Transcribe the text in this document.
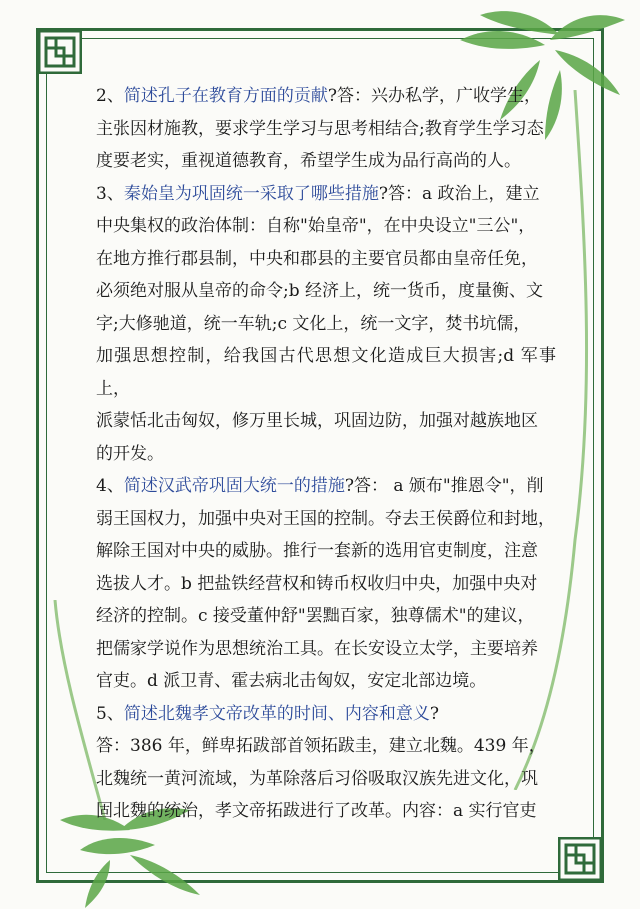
2、简述孔子在教育方面的贡献?答：兴办私学，广收学生，

主张因材施教，要求学生学习与思考相结合;教育学生学习态

度要老实，重视道德教育，希望学生成为品行高尚的人。

3、秦始皇为巩固统一采取了哪些措施?答：a 政治上，建立

中央集权的政治体制：自称"始皇帝"，在中央设立"三公"，

在地方推行郡县制，中央和郡县的主要官员都由皇帝任免，

必须绝对服从皇帝的命令;b 经济上，统一货币，度量衡、文

字;大修驰道，统一车轨;c 文化上，统一文字，焚书坑儒，

加强思想控制，给我国古代思想文化造成巨大损害;d 军事上，

派蒙恬北击匈奴，修万里长城，巩固边防，加强对越族地区

的开发。

4、简述汉武帝巩固大统一的措施?答： a 颁布"推恩令"，削

弱王国权力，加强中央对王国的控制。夺去王侯爵位和封地，

解除王国对中央的威胁。推行一套新的选用官吏制度，注意

选拔人才。b 把盐铁经营权和铸币权收归中央，加强中央对

经济的控制。c 接受董仲舒"罢黜百家，独尊儒术"的建议，

把儒家学说作为思想统治工具。在长安设立太学，主要培养

官吏。d 派卫青、霍去病北击匈奴，安定北部边境。

5、简述北魏孝文帝改革的时间、内容和意义?

答：386 年，鲜卑拓跋部首领拓跋圭，建立北魏。439 年，

北魏统一黄河流域，为革除落后习俗吸取汉族先进文化，巩

固北魏的统治，孝文帝拓跋进行了改革。内容：a 实行官吏
